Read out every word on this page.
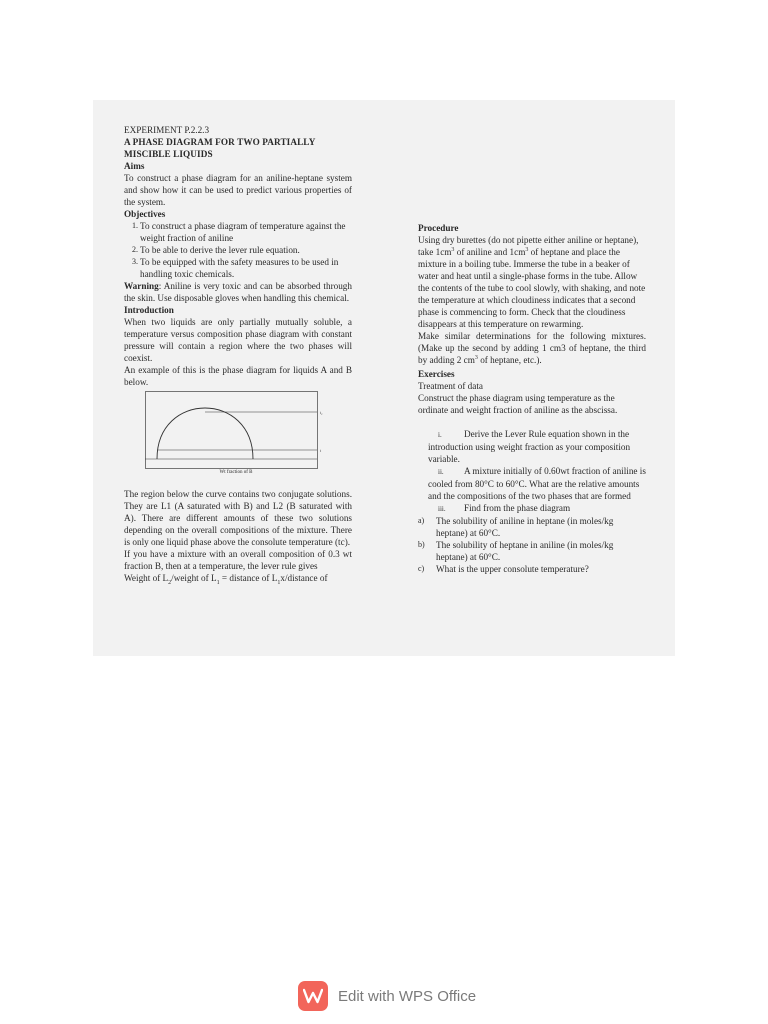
EXPERIMENT P.2.2.3

A PHASE DIAGRAM FOR TWO PARTIALLY

MISCIBLE LIQUIDS

Aims

To construct a phase diagram for an aniline-heptane system and show how it can be used to predict various properties of the system.

Objectives

1. To construct a phase diagram of temperature against the weight fraction of aniline
2. To be able to derive the lever rule equation.
3. To be equipped with the safety measures to be used in handling toxic chemicals.

Warning: Aniline is very toxic and can be absorbed through the skin. Use disposable gloves when handling this chemical.

Introduction

When two liquids are only partially mutually soluble, a temperature versus composition phase diagram with constant pressure will contain a region where the two phases will coexist.

An example of this is the phase diagram for liquids A and B below.

$t_c$
t
Wt fraction of B

The region below the curve contains two conjugate solutions. They are L1 (A saturated with B) and L2 (B saturated with A). There are different amounts of these two solutions depending on the overall compositions of the mixture. There is only one liquid phase above the consolute temperature (tc).

If you have a mixture with an overall composition of 0.3 wt fraction B, then at a temperature, the lever rule gives

Weight of $L_2$/weight of $L_1$ = distance of $L_1x$/distance of

Procedure

Using dry burettes (do not pipette either aniline or heptane), take $1cm^3$ of aniline and $1cm^3$ of heptane and place the mixture in a boiling tube. Immerse the tube in a beaker of water and heat until a single-phase forms in the tube. Allow the contents of the tube to cool slowly, with shaking, and note the temperature at which cloudiness indicates that a second phase is commencing to form. Check that the cloudiness disappears at this temperature on rewarming.

Make similar determinations for the following mixtures. (Make up the second by adding 1 cm3 of heptane, the third by adding 2 $cm^3$ of heptane, etc.).

Exercises

Treatment of data

Construct the phase diagram using temperature as the ordinate and weight fraction of aniline as the abscissa.

i. Derive the Lever Rule equation shown in the introduction using weight fraction as your composition variable.
ii. A mixture initially of 0.60wt fraction of aniline is cooled from 80°C to 60°C. What are the relative amounts and the compositions of the two phases that are formed
iii. Find from the phase diagram
a) The solubility of aniline in heptane (in moles/kg heptane) at 60°C.
b) The solubility of heptane in aniline (in moles/kg heptane) at 60°C.
c) What is the upper consolute temperature?
Edit with WPS Office
